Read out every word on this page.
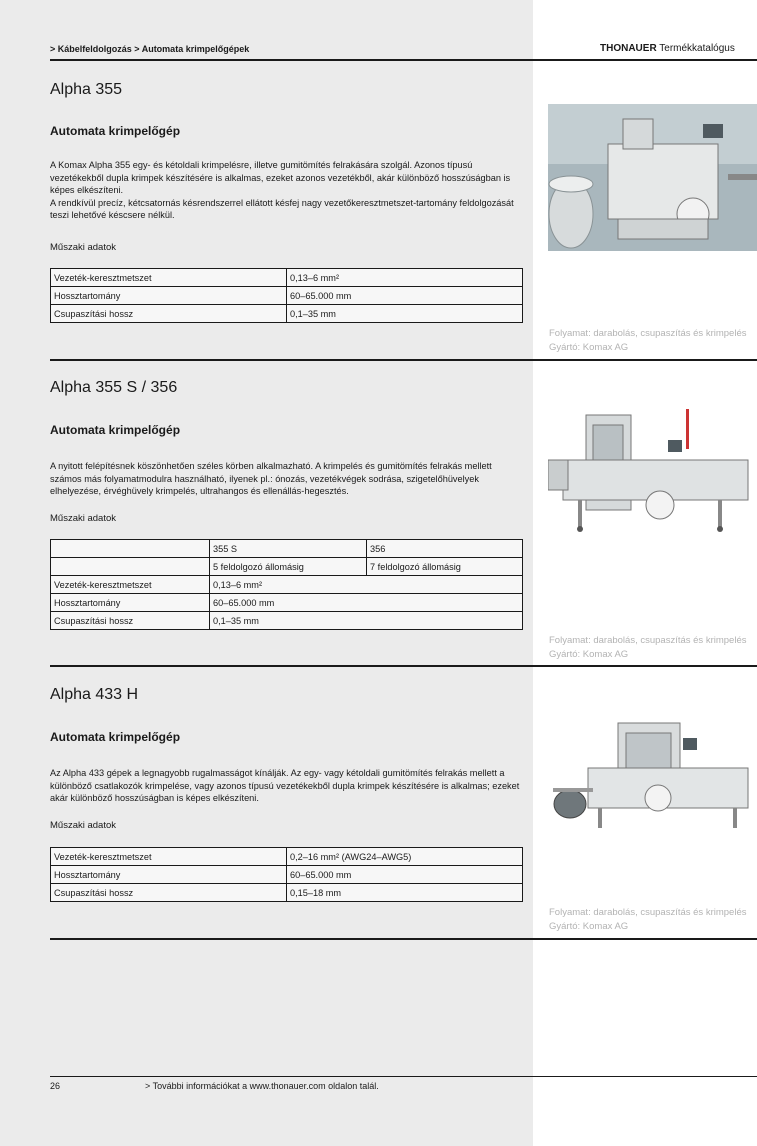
> Kábelfeldolgozás > Automata krimpelőgépek	THONAUER Termékkatalógus
Alpha 355
Automata krimpelőgép

A Komax Alpha 355 egy- és kétoldali krimpelésre, illetve gumitömítés felrakására szolgál. Azonos típusú vezetékekből dupla krimpek készítésére is alkalmas, ezeket azonos vezetékből, akár különböző hosszúságban is képes elkészíteni.

A rendkívül precíz, kétcsatornás késrendszerrel ellátott késfej nagy vezetőkeresztmetszet-tartomány feldolgozását teszi lehetővé késcsere nélkül.

Műszaki adatok
Vezeték-keresztmetszet	0,13–6 mm²
Hossztartomány	60–65.000 mm
Csupaszítási hossz	0,1–35 mm
Folyamat: darabolás, csupaszítás és krimpelés
Gyártó: Komax AG
Alpha 355 S / 356
Automata krimpelőgép

A nyitott felépítésnek köszönhetően széles körben alkalmazható. A krimpelés és gumitömítés felrakás mellett számos más folyamatmodulra használható, ilyenek pl.: ónozás, vezetékvégek sodrása, szigetelőhüvelyek elhelyezése, érvéghüvely krimpelés, ultrahangos és ellenállás-hegesztés.

Műszaki adatok
	355 S	356
	5 feldolgozó állomásig	7 feldolgozó állomásig
Vezeték-keresztmetszet	0,13–6 mm²	
Hossztartomány	60–65.000 mm	
Csupaszítási hossz	0,1–35 mm	
Folyamat: darabolás, csupaszítás és krimpelés
Gyártó: Komax AG
Alpha 433 H
Automata krimpelőgép

Az Alpha 433 gépek a legnagyobb rugalmasságot kínálják. Az egy- vagy kétoldali gumitömítés felrakás mellett a különböző csatlakozók krimpelése, vagy azonos típusú vezetékekből dupla krimpek készítésére is alkalmas; ezeket akár különböző hosszúságban is képes elkészíteni.

Műszaki adatok
Vezeték-keresztmetszet	0,2–16 mm² (AWG24–AWG5)
Hossztartomány	60–65.000 mm
Csupaszítási hossz	0,15–18 mm
Folyamat: darabolás, csupaszítás és krimpelés
Gyártó: Komax AG
26	> További információkat a www.thonauer.com oldalon talál.
